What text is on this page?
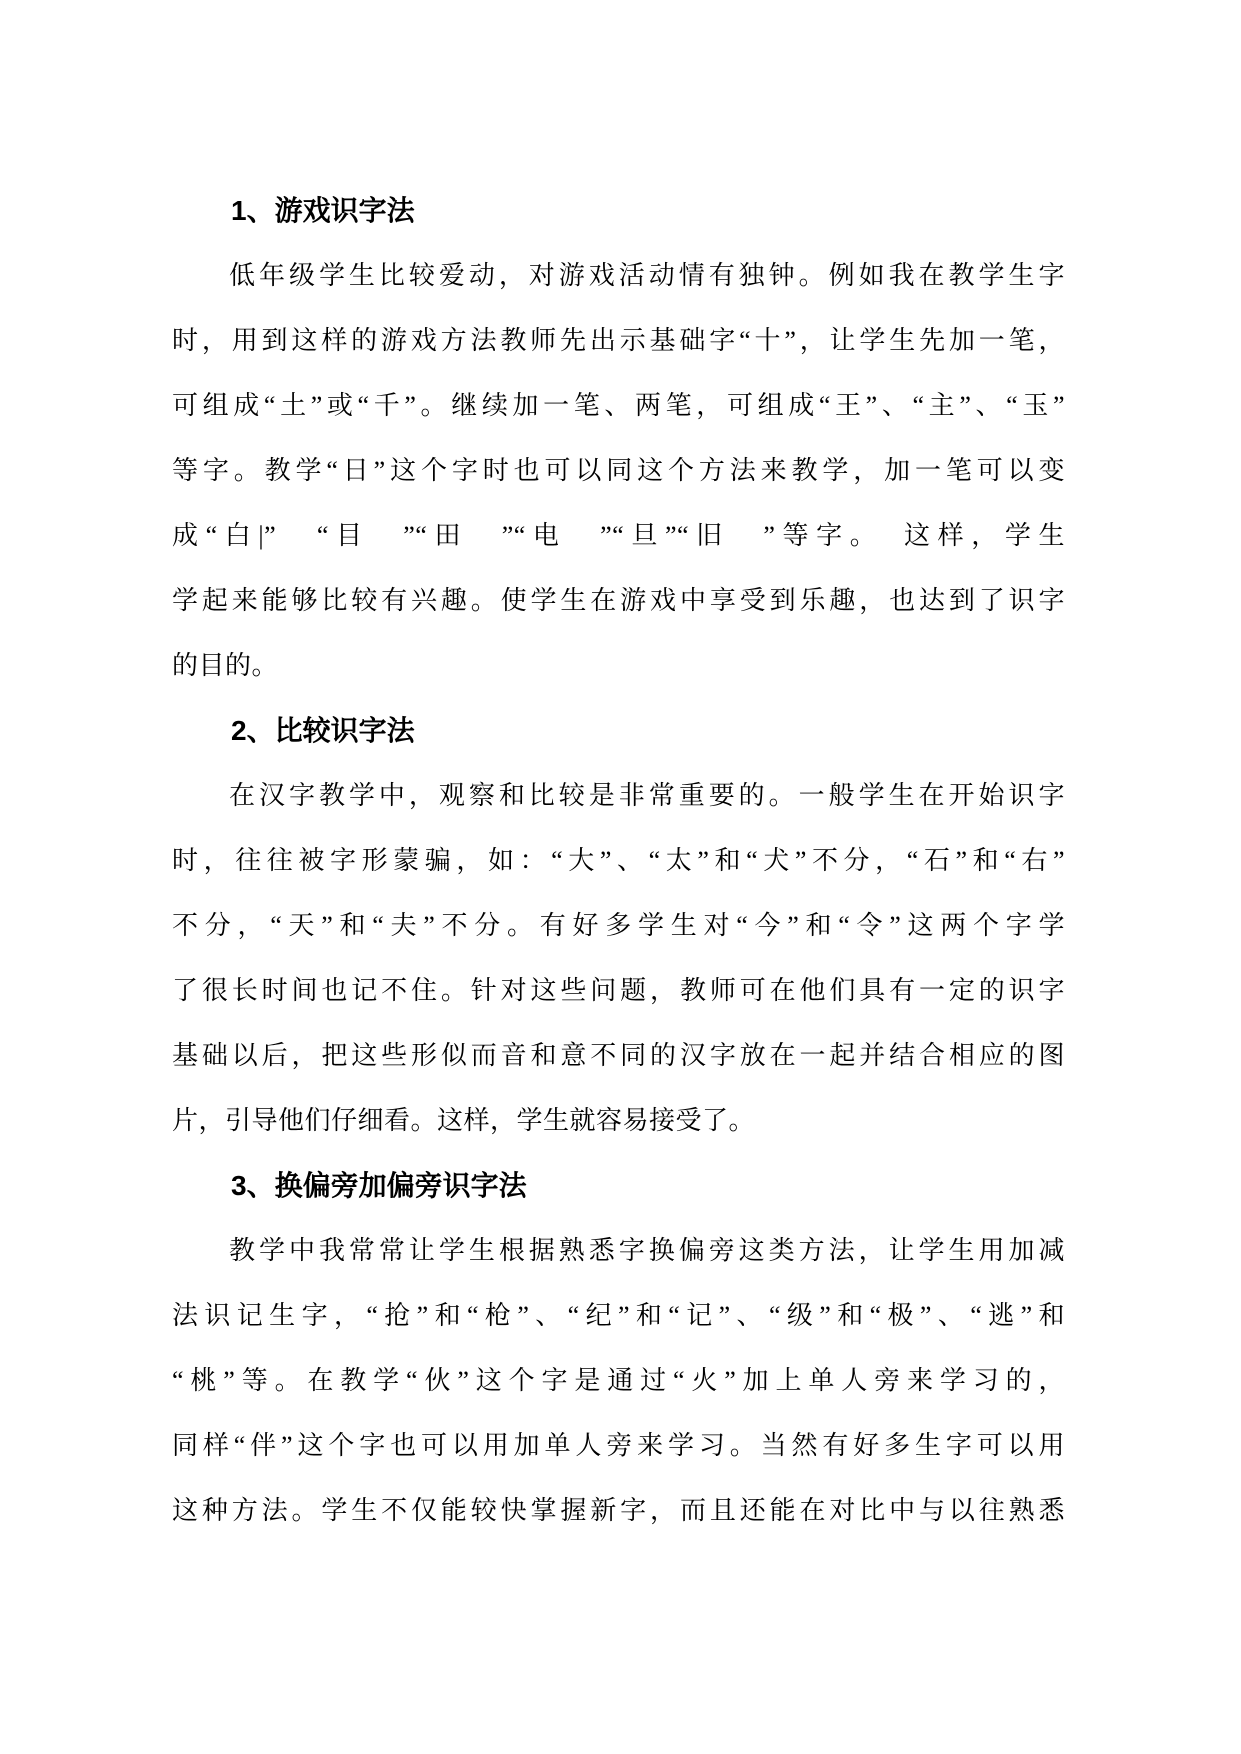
1、游戏识字法
低年级学生比较爱动，对游戏活动情有独钟。例如我在教学生字
时，用到这样的游戏方法教师先出示基础字“十”，让学生先加一笔，
可组成“土”或“千”。继续加一笔、两笔，可组成“王”、“主”、“玉”
等字。教学“日”这个字时也可以同这个方法来教学，加一笔可以变
成“白|”　“目　”“田　”“电　”“旦”“旧　”等字。　这样，学生
学起来能够比较有兴趣。使学生在游戏中享受到乐趣，也达到了识字
的目的。
2、比较识字法
在汉字教学中，观察和比较是非常重要的。一般学生在开始识字
时，往往被字形蒙骗，如：“大”、“太”和“犬”不分，“石”和“右”
不分，“天”和“夫”不分。有好多学生对“今”和“令”这两个字学
了很长时间也记不住。针对这些问题，教师可在他们具有一定的识字
基础以后，把这些形似而音和意不同的汉字放在一起并结合相应的图
片，引导他们仔细看。这样，学生就容易接受了。
3、换偏旁加偏旁识字法
教学中我常常让学生根据熟悉字换偏旁这类方法，让学生用加减
法识记生字，“抢”和“枪”、“纪”和“记”、“级”和“极”、“逃”和
“桃”等。在教学“伙”这个字是通过“火”加上单人旁来学习的，
同样“伴”这个字也可以用加单人旁来学习。当然有好多生字可以用
这种方法。学生不仅能较快掌握新字，而且还能在对比中与以往熟悉
